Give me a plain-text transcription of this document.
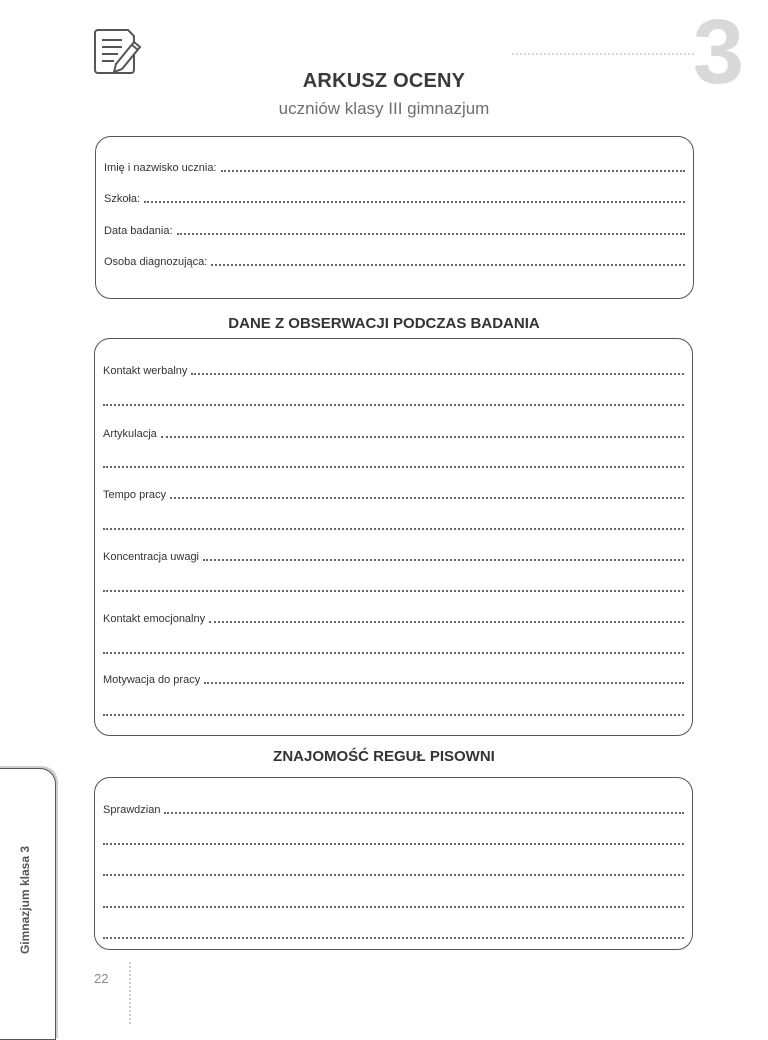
3
ARKUSZ OCENY
uczniów klasy III gimnazjum
Imię i nazwisko ucznia:
Szkoła:
Data badania:
Osoba diagnozująca:
DANE Z OBSERWACJI PODCZAS BADANIA
Kontakt werbalny
Artykulacja
Tempo pracy
Koncentracja uwagi
Kontakt emocjonalny
Motywacja do pracy
ZNAJOMOŚĆ REGUŁ PISOWNI
Sprawdzian
Gimnazjum klasa 3
22
